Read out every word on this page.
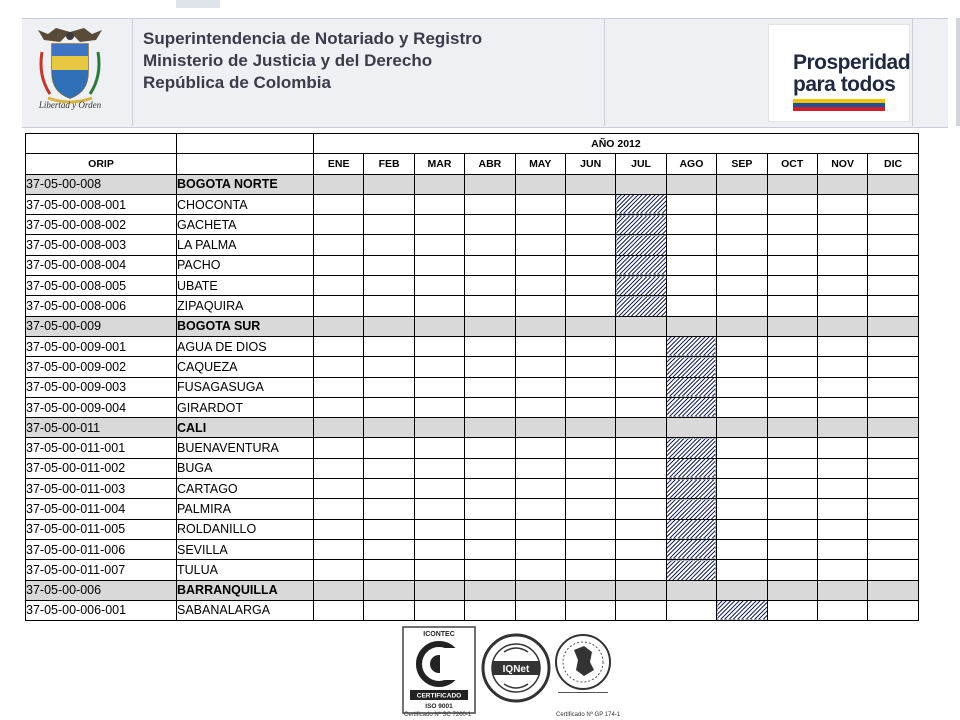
Libertad y Orden
Superintendencia de Notariado y Registro
Ministerio de Justicia y del Derecho
República de Colombia
Prosperidad
para todos
		AÑO 2012											
ORIP		ENE	FEB	MAR	ABR	MAY	JUN	JUL	AGO	SEP	OCT	NOV	DIC
37-05-00-008	BOGOTA NORTE												
37-05-00-008-001	CHOCONTA												
37-05-00-008-002	GACHETA												
37-05-00-008-003	LA PALMA												
37-05-00-008-004	PACHO												
37-05-00-008-005	UBATE												
37-05-00-008-006	ZIPAQUIRA												
37-05-00-009	BOGOTA SUR												
37-05-00-009-001	AGUA DE DIOS												
37-05-00-009-002	CAQUEZA												
37-05-00-009-003	FUSAGASUGA												
37-05-00-009-004	GIRARDOT												
37-05-00-011	CALI												
37-05-00-011-001	BUENAVENTURA												
37-05-00-011-002	BUGA												
37-05-00-011-003	CARTAGO												
37-05-00-011-004	PALMIRA												
37-05-00-011-005	ROLDANILLO												
37-05-00-011-006	SEVILLA												
37-05-00-011-007	TULUA												
37-05-00-006	BARRANQUILLA												
37-05-00-006-001	SABANALARGA												
ICONTEC
CERTIFICADO
ISO 9001
Certificado Nº SC 7260-1
IQNet
Certificado Nº GP 174-1
